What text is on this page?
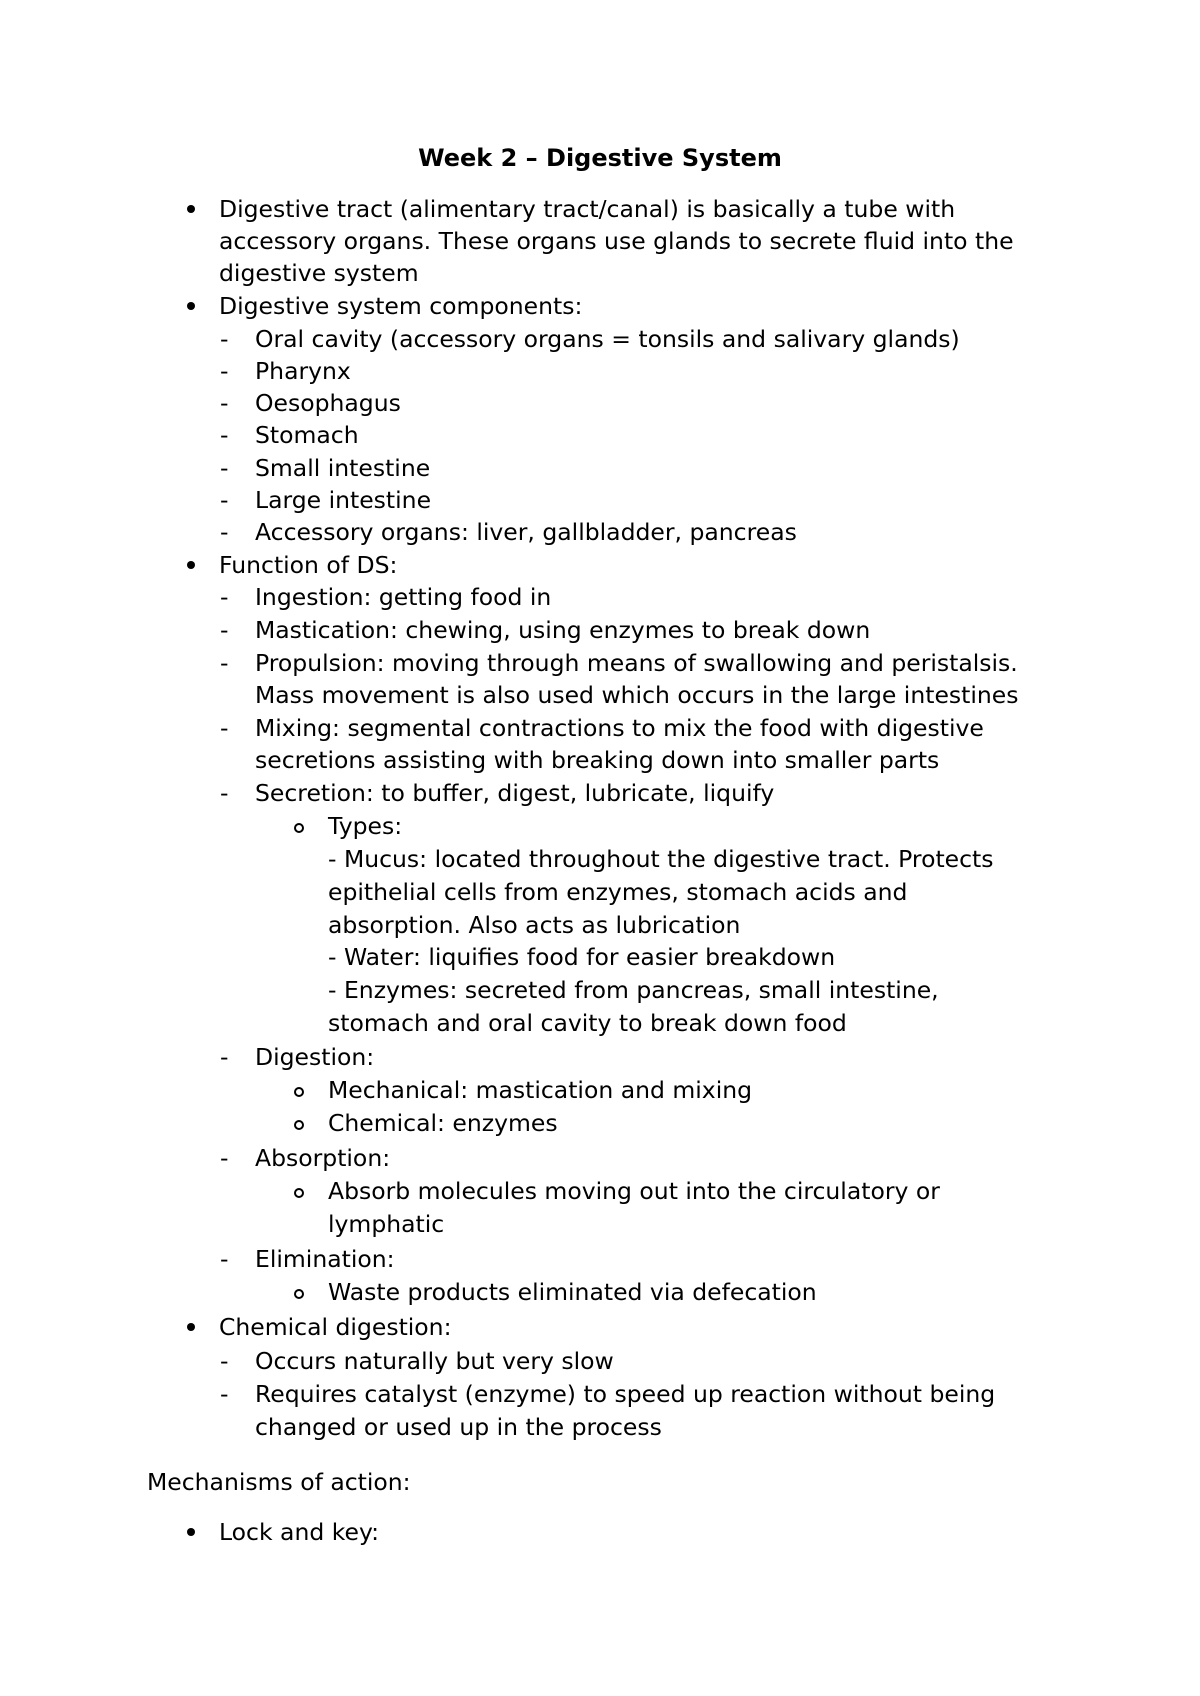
Week 2 – Digestive System
Digestive tract (alimentary tract/canal) is basically a tube with
accessory organs. These organs use glands to secrete fluid into the
digestive system
Digestive system components:
- Oral cavity (accessory organs = tonsils and salivary glands)
- Pharynx
- Oesophagus
- Stomach
- Small intestine
- Large intestine
- Accessory organs: liver, gallbladder, pancreas
Function of DS:
- Ingestion: getting food in
- Mastication: chewing, using enzymes to break down
- Propulsion: moving through means of swallowing and peristalsis.
Mass movement is also used which occurs in the large intestines
- Mixing: segmental contractions to mix the food with digestive
secretions assisting with breaking down into smaller parts
- Secretion: to buffer, digest, lubricate, liquify
Types:
- Mucus: located throughout the digestive tract. Protects
epithelial cells from enzymes, stomach acids and
absorption. Also acts as lubrication
- Water: liquifies food for easier breakdown
- Enzymes: secreted from pancreas, small intestine,
stomach and oral cavity to break down food
- Digestion:
Mechanical: mastication and mixing
Chemical: enzymes
- Absorption:
Absorb molecules moving out into the circulatory or
lymphatic
- Elimination:
Waste products eliminated via defecation
Chemical digestion:
- Occurs naturally but very slow
- Requires catalyst (enzyme) to speed up reaction without being
changed or used up in the process
Mechanisms of action:
Lock and key:
